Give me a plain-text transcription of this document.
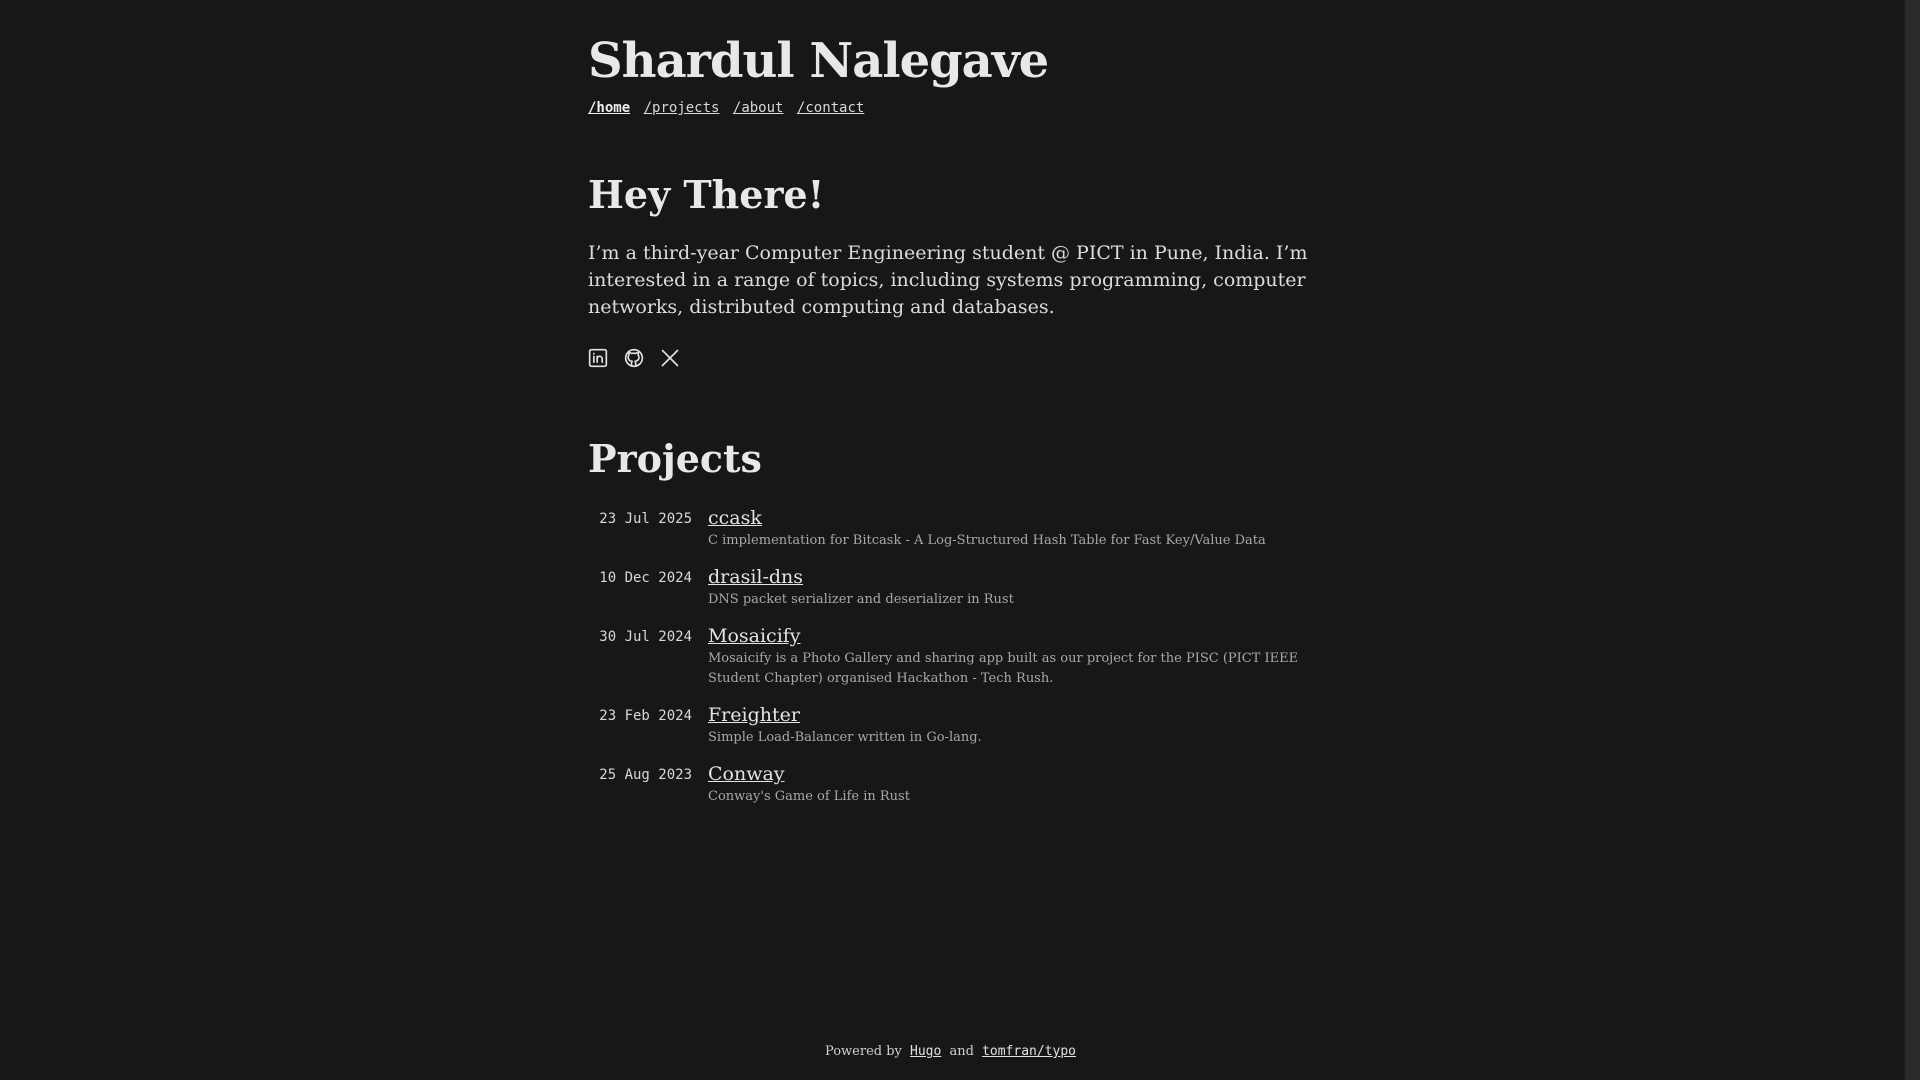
Shardul Nalegave
/home /projects /about /contact
Hey There!

I’m a third-year Computer Engineering student @ PICT in Pune, India. I’m interested in a range of topics, including systems programming, computer networks, distributed computing and databases.

Projects
23 Jul 2025 ccask
C implementation for Bitcask - A Log-Structured Hash Table for Fast Key/Value Data
10 Dec 2024 drasil-dns
DNS packet serializer and deserializer in Rust
30 Jul 2024 Mosaicify
Mosaicify is a Photo Gallery and sharing app built as our project for the PISC (PICT IEEE Student Chapter) organised Hackathon - Tech Rush.
23 Feb 2024 Freighter
Simple Load-Balancer written in Go-lang.
25 Aug 2023 Conway
Conway's Game of Life in Rust
Powered by Hugo and tomfran/typo
